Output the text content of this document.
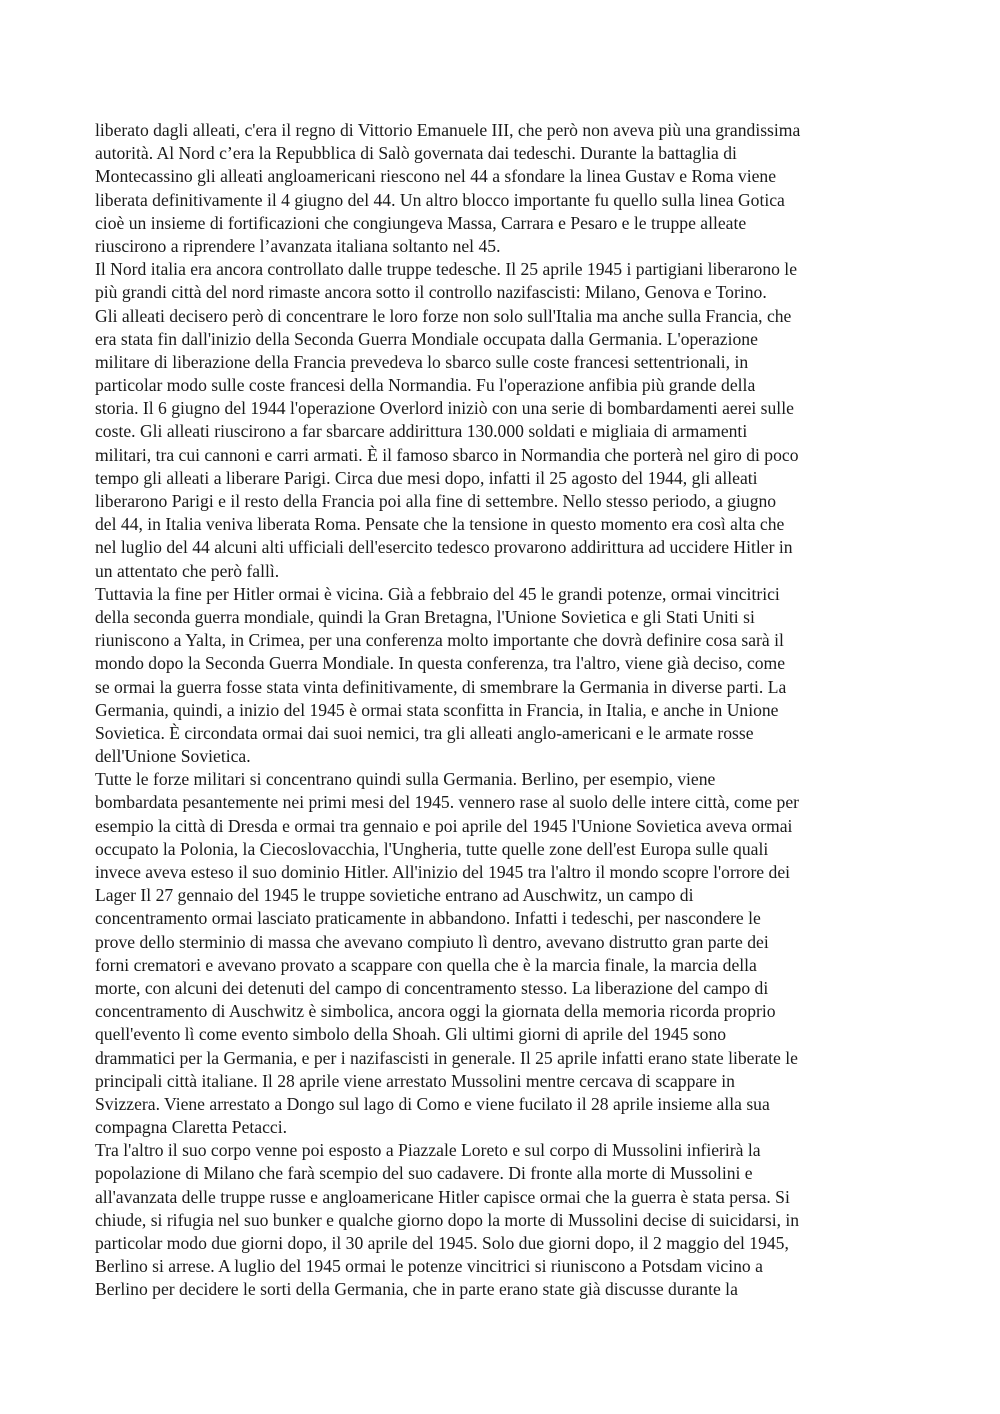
liberato dagli alleati, c'era il regno di Vittorio Emanuele III, che però non aveva più una grandissima
autorità. Al Nord c’era la Repubblica di Salò governata dai tedeschi. Durante la battaglia di
Montecassino gli alleati angloamericani riescono nel 44 a sfondare la linea Gustav e Roma viene
liberata definitivamente il 4 giugno del 44. Un altro blocco importante fu quello sulla linea Gotica
cioè un insieme di fortificazioni che congiungeva Massa, Carrara e Pesaro e le truppe alleate
riuscirono a riprendere l’avanzata italiana soltanto nel 45.
Il Nord italia era ancora controllato dalle truppe tedesche. Il 25 aprile 1945 i partigiani liberarono le
più grandi città del nord rimaste ancora sotto il controllo nazifascisti: Milano, Genova e Torino.
Gli alleati decisero però di concentrare le loro forze non solo sull'Italia ma anche sulla Francia, che
era stata fin dall'inizio della Seconda Guerra Mondiale occupata dalla Germania. L'operazione
militare di liberazione della Francia prevedeva lo sbarco sulle coste francesi settentrionali, in
particolar modo sulle coste francesi della Normandia. Fu l'operazione anfibia più grande della
storia. Il 6 giugno del 1944 l'operazione Overlord iniziò con una serie di bombardamenti aerei sulle
coste. Gli alleati riuscirono a far sbarcare addirittura 130.000 soldati e migliaia di armamenti
militari, tra cui cannoni e carri armati. È il famoso sbarco in Normandia che porterà nel giro di poco
tempo gli alleati a liberare Parigi. Circa due mesi dopo, infatti il 25 agosto del 1944, gli alleati
liberarono Parigi e il resto della Francia poi alla fine di settembre. Nello stesso periodo, a giugno
del 44, in Italia veniva liberata Roma. Pensate che la tensione in questo momento era così alta che
nel luglio del 44 alcuni alti ufficiali dell'esercito tedesco provarono addirittura ad uccidere Hitler in
un attentato che però fallì.
Tuttavia la fine per Hitler ormai è vicina. Già a febbraio del 45 le grandi potenze, ormai vincitrici
della seconda guerra mondiale, quindi la Gran Bretagna, l'Unione Sovietica e gli Stati Uniti si
riuniscono a Yalta, in Crimea, per una conferenza molto importante che dovrà definire cosa sarà il
mondo dopo la Seconda Guerra Mondiale. In questa conferenza, tra l'altro, viene già deciso, come
se ormai la guerra fosse stata vinta definitivamente, di smembrare la Germania in diverse parti. La
Germania, quindi, a inizio del 1945 è ormai stata sconfitta in Francia, in Italia, e anche in Unione
Sovietica. È circondata ormai dai suoi nemici, tra gli alleati anglo-americani e le armate rosse
dell'Unione Sovietica.
Tutte le forze militari si concentrano quindi sulla Germania. Berlino, per esempio, viene
bombardata pesantemente nei primi mesi del 1945. vennero rase al suolo delle intere città, come per
esempio la città di Dresda e ormai tra gennaio e poi aprile del 1945 l'Unione Sovietica aveva ormai
occupato la Polonia, la Ciecoslovacchia, l'Ungheria, tutte quelle zone dell'est Europa sulle quali
invece aveva esteso il suo dominio Hitler. All'inizio del 1945 tra l'altro il mondo scopre l'orrore dei
Lager Il 27 gennaio del 1945 le truppe sovietiche entrano ad Auschwitz, un campo di
concentramento ormai lasciato praticamente in abbandono. Infatti i tedeschi, per nascondere le
prove dello sterminio di massa che avevano compiuto lì dentro, avevano distrutto gran parte dei
forni crematori e avevano provato a scappare con quella che è la marcia finale, la marcia della
morte, con alcuni dei detenuti del campo di concentramento stesso. La liberazione del campo di
concentramento di Auschwitz è simbolica, ancora oggi la giornata della memoria ricorda proprio
quell'evento lì come evento simbolo della Shoah. Gli ultimi giorni di aprile del 1945 sono
drammatici per la Germania, e per i nazifascisti in generale. Il 25 aprile infatti erano state liberate le
principali città italiane. Il 28 aprile viene arrestato Mussolini mentre cercava di scappare in
Svizzera. Viene arrestato a Dongo sul lago di Como e viene fucilato il 28 aprile insieme alla sua
compagna Claretta Petacci.
Tra l'altro il suo corpo venne poi esposto a Piazzale Loreto e sul corpo di Mussolini infierirà la
popolazione di Milano che farà scempio del suo cadavere. Di fronte alla morte di Mussolini e
all'avanzata delle truppe russe e angloamericane Hitler capisce ormai che la guerra è stata persa. Si
chiude, si rifugia nel suo bunker e qualche giorno dopo la morte di Mussolini decise di suicidarsi, in
particolar modo due giorni dopo, il 30 aprile del 1945. Solo due giorni dopo, il 2 maggio del 1945,
Berlino si arrese. A luglio del 1945 ormai le potenze vincitrici si riuniscono a Potsdam vicino a
Berlino per decidere le sorti della Germania, che in parte erano state già discusse durante la
